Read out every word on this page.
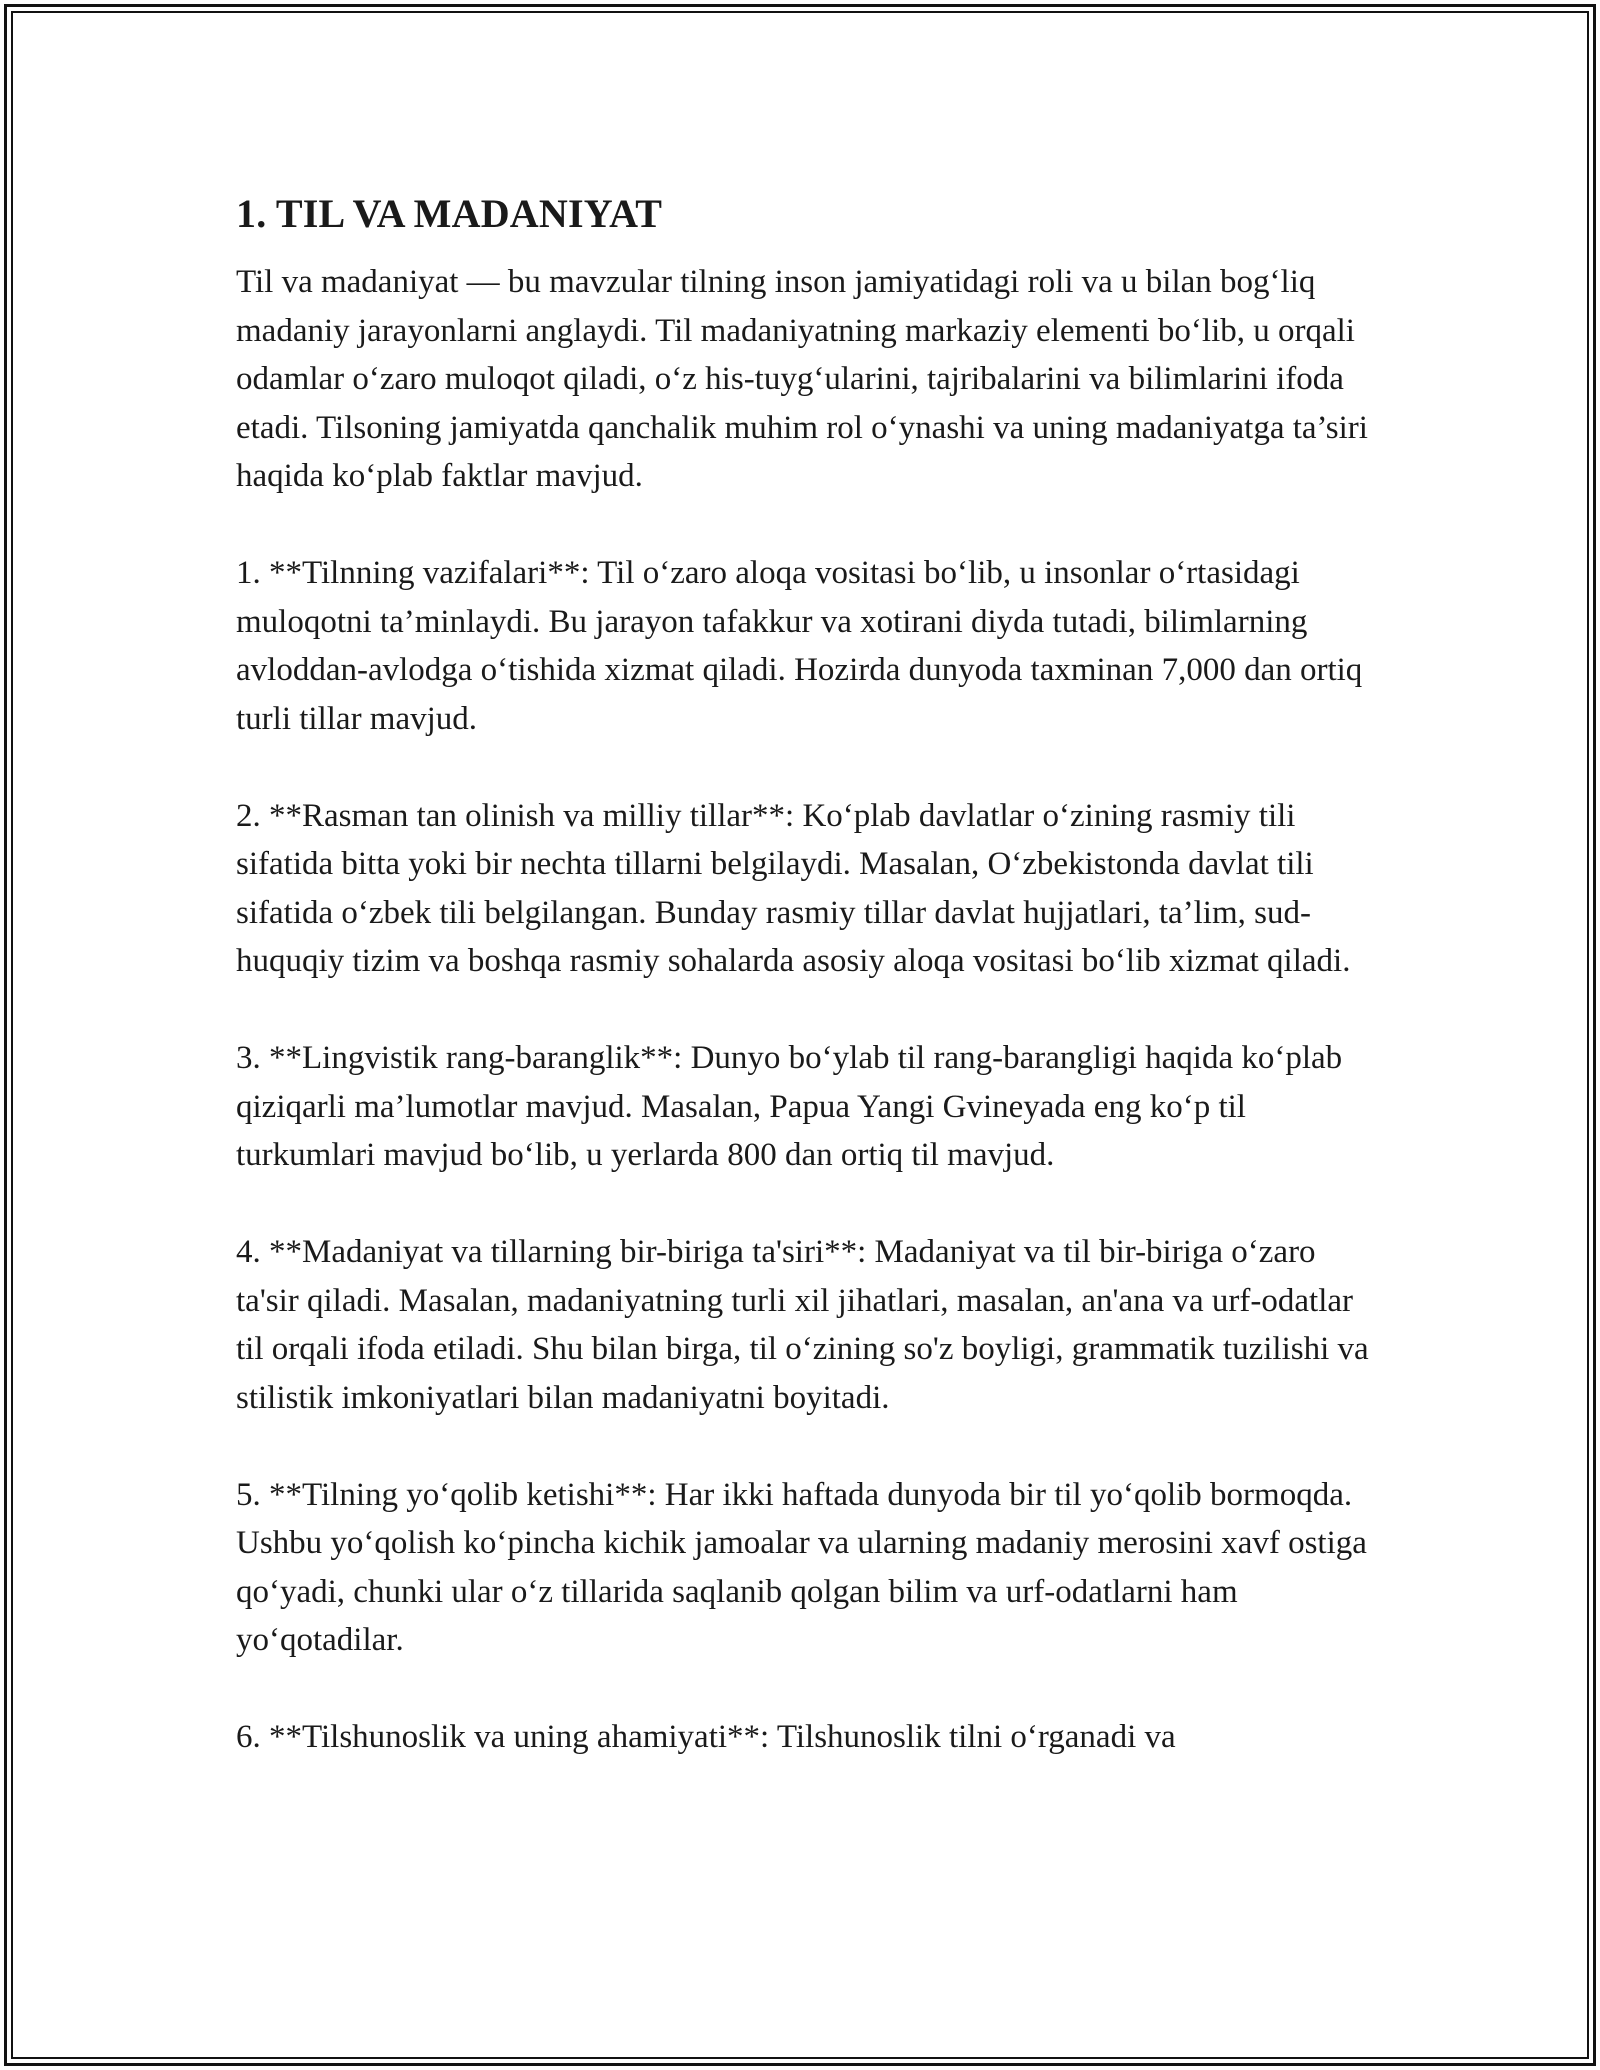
1. TIL VA MADANIYAT

Til va madaniyat — bu mavzular tilning inson jamiyatidagi roli va u bilan bog‘liq madaniy jarayonlarni anglaydi. Til madaniyatning markaziy elementi bo‘lib, u orqali odamlar o‘zaro muloqot qiladi, o‘z his-tuyg‘ularini, tajribalarini va bilimlarini ifoda etadi. Tilsoning jamiyatda qanchalik muhim rol o‘ynashi va uning madaniyatga ta’siri haqida ko‘plab faktlar mavjud.

1. **Tilnning vazifalari**: Til o‘zaro aloqa vositasi bo‘lib, u insonlar o‘rtasidagi muloqotni ta’minlaydi. Bu jarayon tafakkur va xotirani diyda tutadi, bilimlarning avloddan-avlodga o‘tishida xizmat qiladi. Hozirda dunyoda taxminan 7,000 dan ortiq turli tillar mavjud.

2. **Rasman tan olinish va milliy tillar**: Ko‘plab davlatlar o‘zining rasmiy tili sifatida bitta yoki bir nechta tillarni belgilaydi. Masalan, O‘zbekistonda davlat tili sifatida o‘zbek tili belgilangan. Bunday rasmiy tillar davlat hujjatlari, ta’lim, sud-huquqiy tizim va boshqa rasmiy sohalarda asosiy aloqa vositasi bo‘lib xizmat qiladi.

3. **Lingvistik rang-baranglik**: Dunyo bo‘ylab til rang-barangligi haqida ko‘plab qiziqarli ma’lumotlar mavjud. Masalan, Papua Yangi Gvineyada eng ko‘p til turkumlari mavjud bo‘lib, u yerlarda 800 dan ortiq til mavjud.

4. **Madaniyat va tillarning bir-biriga ta'siri**: Madaniyat va til bir-biriga o‘zaro ta'sir qiladi. Masalan, madaniyatning turli xil jihatlari, masalan, an'ana va urf-odatlar til orqali ifoda etiladi. Shu bilan birga, til o‘zining so'z boyligi, grammatik tuzilishi va stilistik imkoniyatlari bilan madaniyatni boyitadi.

5. **Tilning yo‘qolib ketishi**: Har ikki haftada dunyoda bir til yo‘qolib bormoqda. Ushbu yo‘qolish ko‘pincha kichik jamoalar va ularning madaniy merosini xavf ostiga qo‘yadi, chunki ular o‘z tillarida saqlanib qolgan bilim va urf-odatlarni ham yo‘qotadilar.

6. **Tilshunoslik va uning ahamiyati**: Tilshunoslik tilni o‘rganadi va
